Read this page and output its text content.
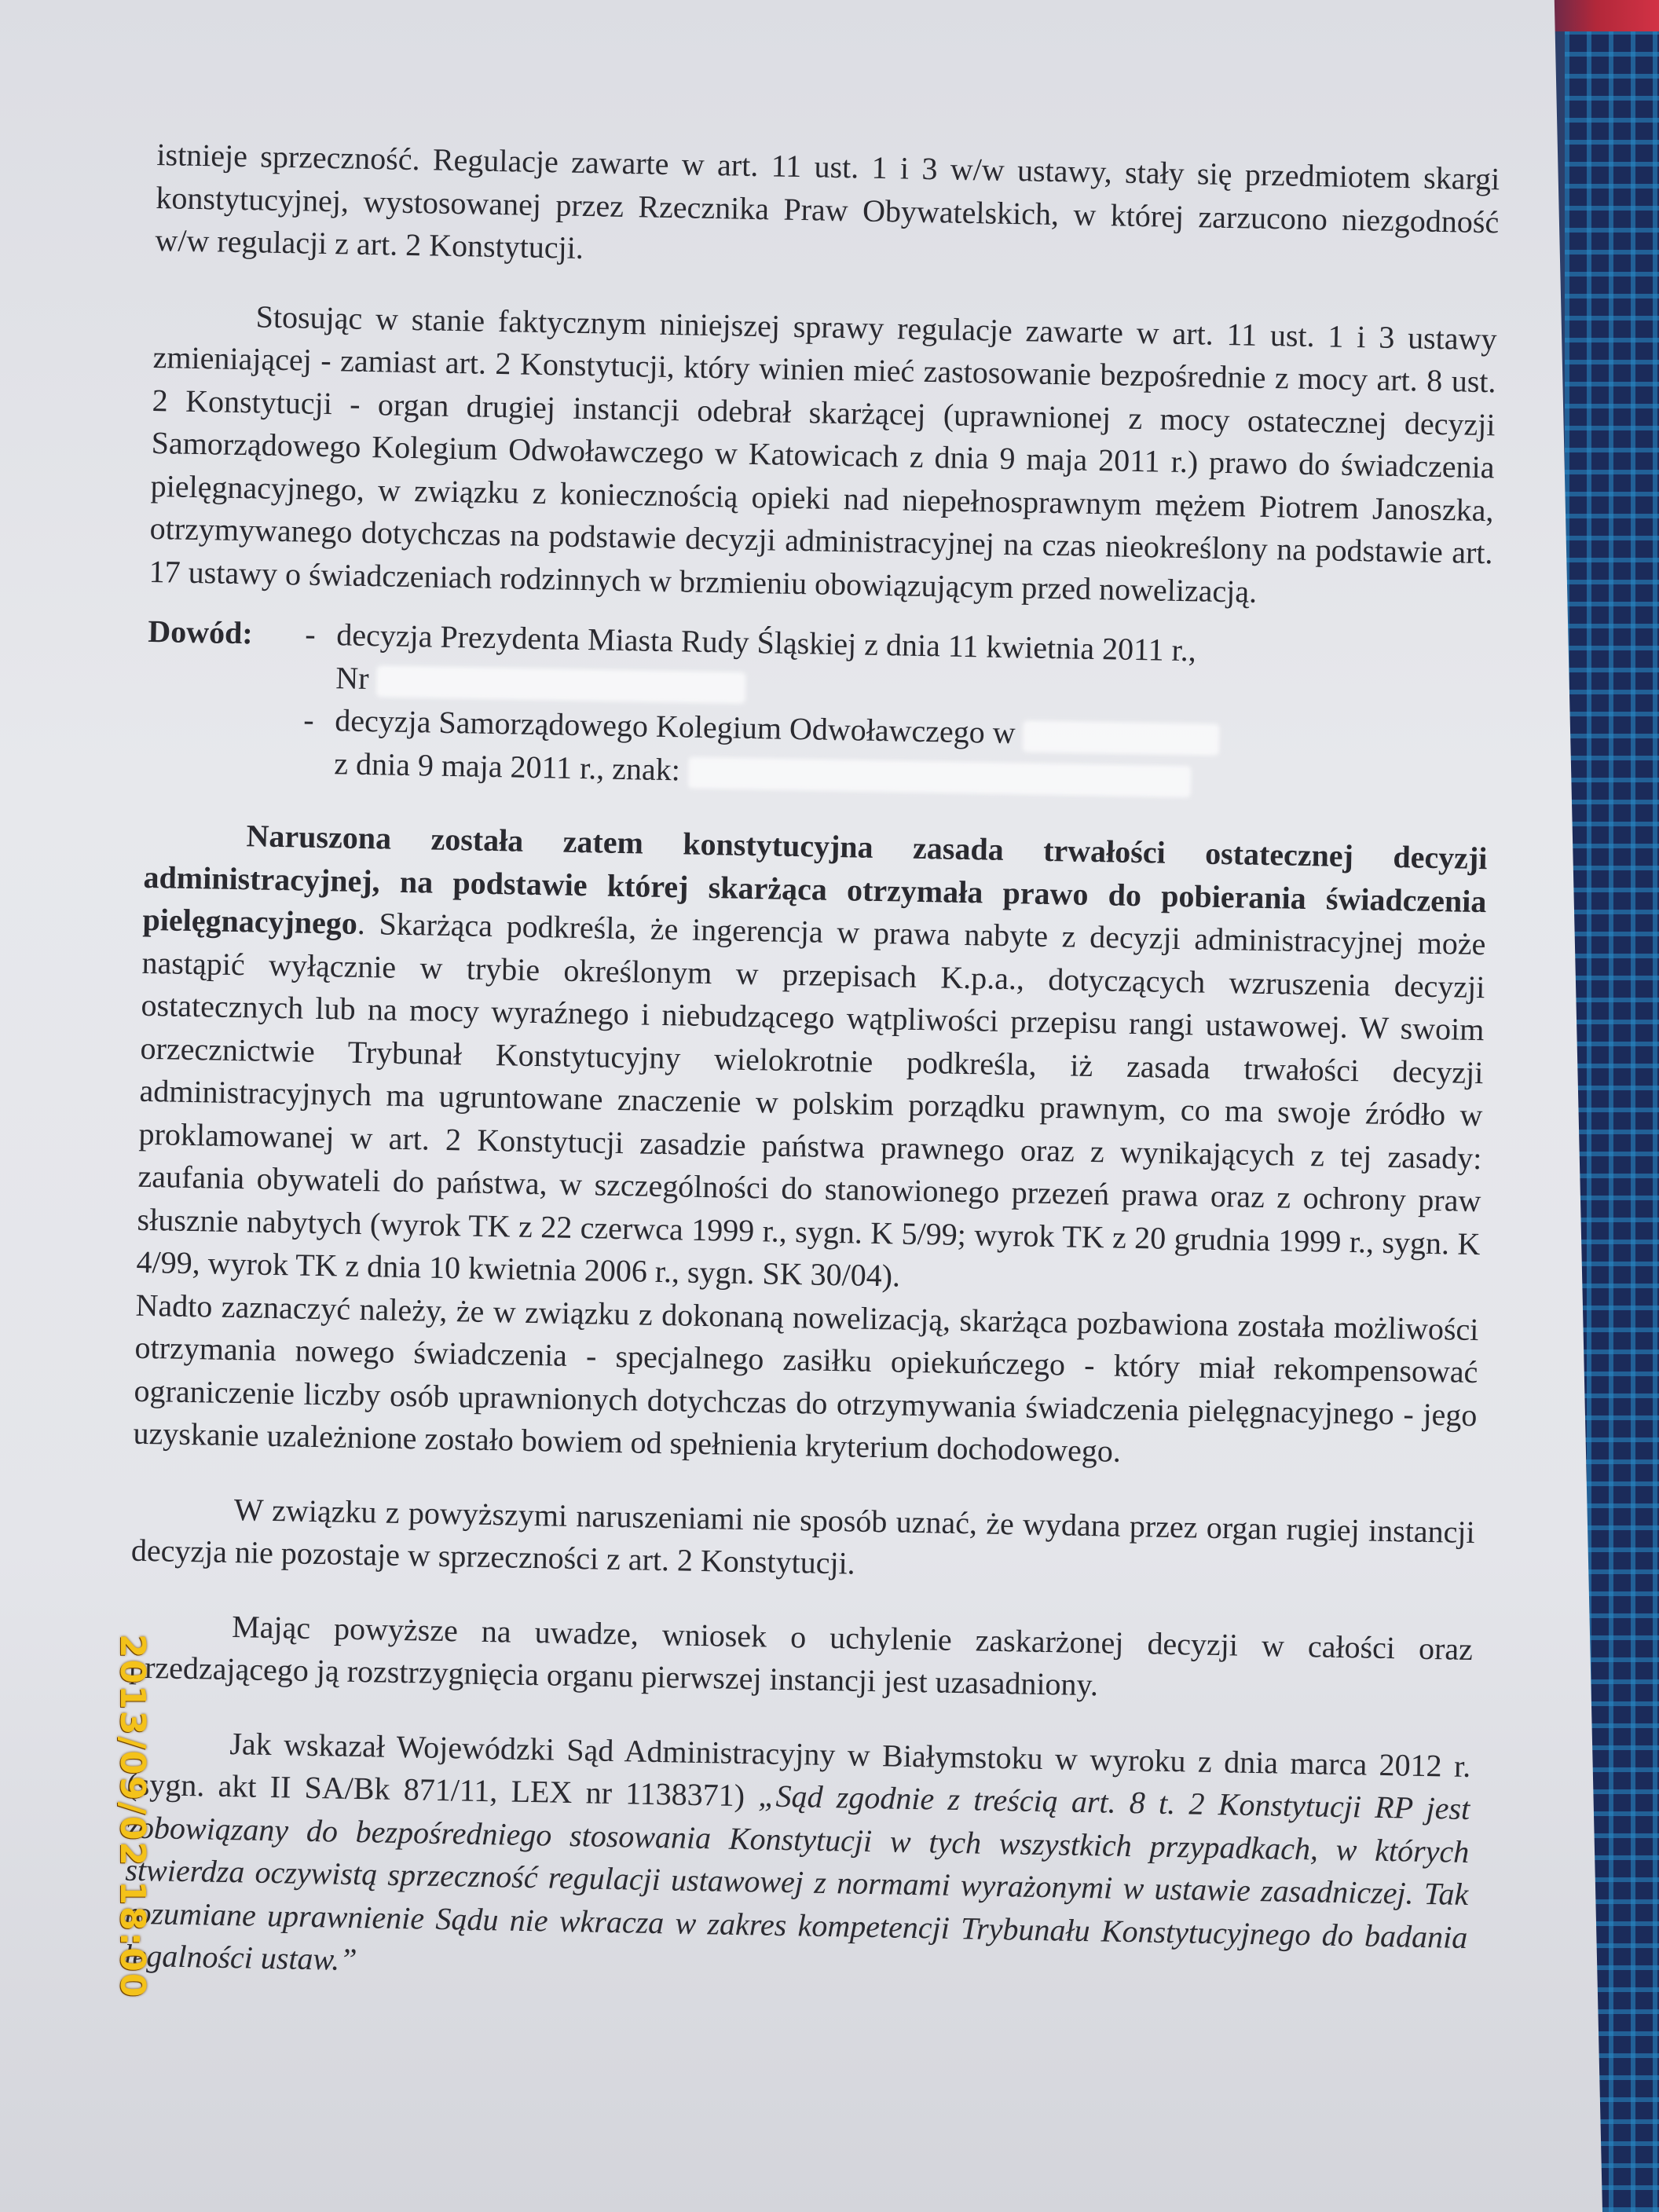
istnieje sprzeczność. Regulacje zawarte w art. 11 ust. 1 i 3 w/w ustawy, stały się przedmiotem skargi konstytucyjnej, wystosowanej przez Rzecznika Praw Obywatelskich, w której zarzucono niezgodność w/w regulacji z art. 2 Konstytucji.

Stosując w stanie faktycznym niniejszej sprawy regulacje zawarte w art. 11 ust. 1 i 3 ustawy zmieniającej - zamiast art. 2 Konstytucji, który winien mieć zastosowanie bezpośrednie z mocy art. 8 ust. 2 Konstytucji - organ drugiej instancji odebrał skarżącej (uprawnionej z mocy ostatecznej decyzji Samorządowego Kolegium Odwoławczego w Katowicach z dnia 9 maja 2011 r.) prawo do świadczenia pielęgnacyjnego, w związku z koniecznością opieki nad niepełnosprawnym mężem Piotrem Janoszka, otrzymywanego dotychczas na podstawie decyzji administracyjnej na czas nieokreślony na podstawie art. 17 ustawy o świadczeniach rodzinnych w brzmieniu obowiązującym przed nowelizacją.

Dowód:	- decyzja Prezydenta Miasta Rudy Śląskiej z dnia 11 kwietnia 2011 r.,
Nr
- decyzja Samorządowego Kolegium Odwoławczego w
z dnia 9 maja 2011 r., znak:

Naruszona została zatem konstytucyjna zasada trwałości ostatecznej decyzji administracyjnej, na podstawie której skarżąca otrzymała prawo do pobierania świadczenia pielęgnacyjnego. Skarżąca podkreśla, że ingerencja w prawa nabyte z decyzji administracyjnej może nastąpić wyłącznie w trybie określonym w przepisach K.p.a., dotyczących wzruszenia decyzji ostatecznych lub na mocy wyraźnego i niebudzącego wątpliwości przepisu rangi ustawowej. W swoim orzecznictwie Trybunał Konstytucyjny wielokrotnie podkreśla, iż zasada trwałości decyzji administracyjnych ma ugruntowane znaczenie w polskim porządku prawnym, co ma swoje źródło w proklamowanej w art. 2 Konstytucji zasadzie państwa prawnego oraz z wynikających z tej zasady: zaufania obywateli do państwa, w szczególności do stanowionego przezeń prawa oraz z ochrony praw słusznie nabytych (wyrok TK z 22 czerwca 1999 r., sygn. K 5/99; wyrok TK z 20 grudnia 1999 r., sygn. K 4/99, wyrok TK z dnia 10 kwietnia 2006 r., sygn. SK 30/04).

Nadto zaznaczyć należy, że w związku z dokonaną nowelizacją, skarżąca pozbawiona została możliwości otrzymania nowego świadczenia - specjalnego zasiłku opiekuńczego - który miał rekompensować ograniczenie liczby osób uprawnionych dotychczas do otrzymywania świadczenia pielęgnacyjnego - jego uzyskanie uzależnione zostało bowiem od spełnienia kryterium dochodowego.

W związku z powyższymi naruszeniami nie sposób uznać, że wydana przez organ rugiej instancji decyzja nie pozostaje w sprzeczności z art. 2 Konstytucji.

Mając powyższe na uwadze, wniosek o uchylenie zaskarżonej decyzji w całości oraz przedzającego ją rozstrzygnięcia organu pierwszej instancji jest uzasadniony.

Jak wskazał Wojewódzki Sąd Administracyjny w Białymstoku w wyroku z dnia marca 2012 r. (sygn. akt II SA/Bk 871/11, LEX nr 1138371) „Sąd zgodnie z treścią art. 8 t. 2 Konstytucji RP jest zobowiązany do bezpośredniego stosowania Konstytucji w tych wszystkich przypadkach, w których stwierdza oczywistą sprzeczność regulacji ustawowej z normami wyrażonymi w ustawie zasadniczej. Tak rozumiane uprawnienie Sądu nie wkracza w zakres kompetencji Trybunału Konstytucyjnego do badania legalności ustaw.”

2013/09/02 18:00
